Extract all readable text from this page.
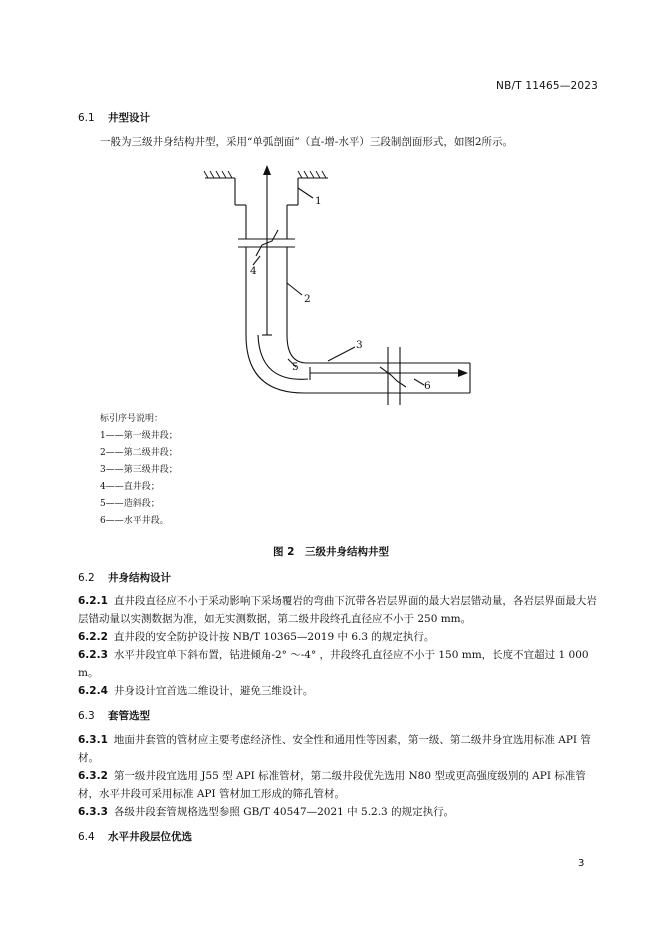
NB/T 11465—2023
6.1 井型设计
一般为三级井身结构井型，采用“单弧剖面”（直-增-水平）三段制剖面形式，如图2所示。
1
2
3
4
5
6
标引序号说明：
1——第一级井段；
2——第二级井段；
3——第三级井段；
4——直井段；
5——造斜段；
6——水平井段。
图 2　三级井身结构井型
6.2 井身结构设计
6.2.1 直井段直径应不小于采动影响下采场覆岩的弯曲下沉带各岩层界面的最大岩层错动量，各岩层界面最大岩层错动量以实测数据为准，如无实测数据，第二级井段终孔直径应不小于 250 mm。
6.2.2 直井段的安全防护设计按 NB/T 10365—2019 中 6.3 的规定执行。
6.2.3 水平井段宜单下斜布置，钻进倾角-2° ～-4° ，井段终孔直径应不小于 150 mm，长度不宜超过 1 000 m。
6.2.4 井身设计宜首选二维设计，避免三维设计。
6.3 套管选型
6.3.1 地面井套管的管材应主要考虑经济性、安全性和通用性等因素，第一级、第二级井身宜选用标准 API 管材。
6.3.2 第一级井段宜选用 J55 型 API 标准管材，第二级井段优先选用 N80 型或更高强度级别的 API 标准管材，水平井段可采用标准 API 管材加工形成的筛孔管材。
6.3.3 各级井段套管规格选型参照 GB/T 40547—2021 中 5.2.3 的规定执行。
6.4 水平井段层位优选
3
